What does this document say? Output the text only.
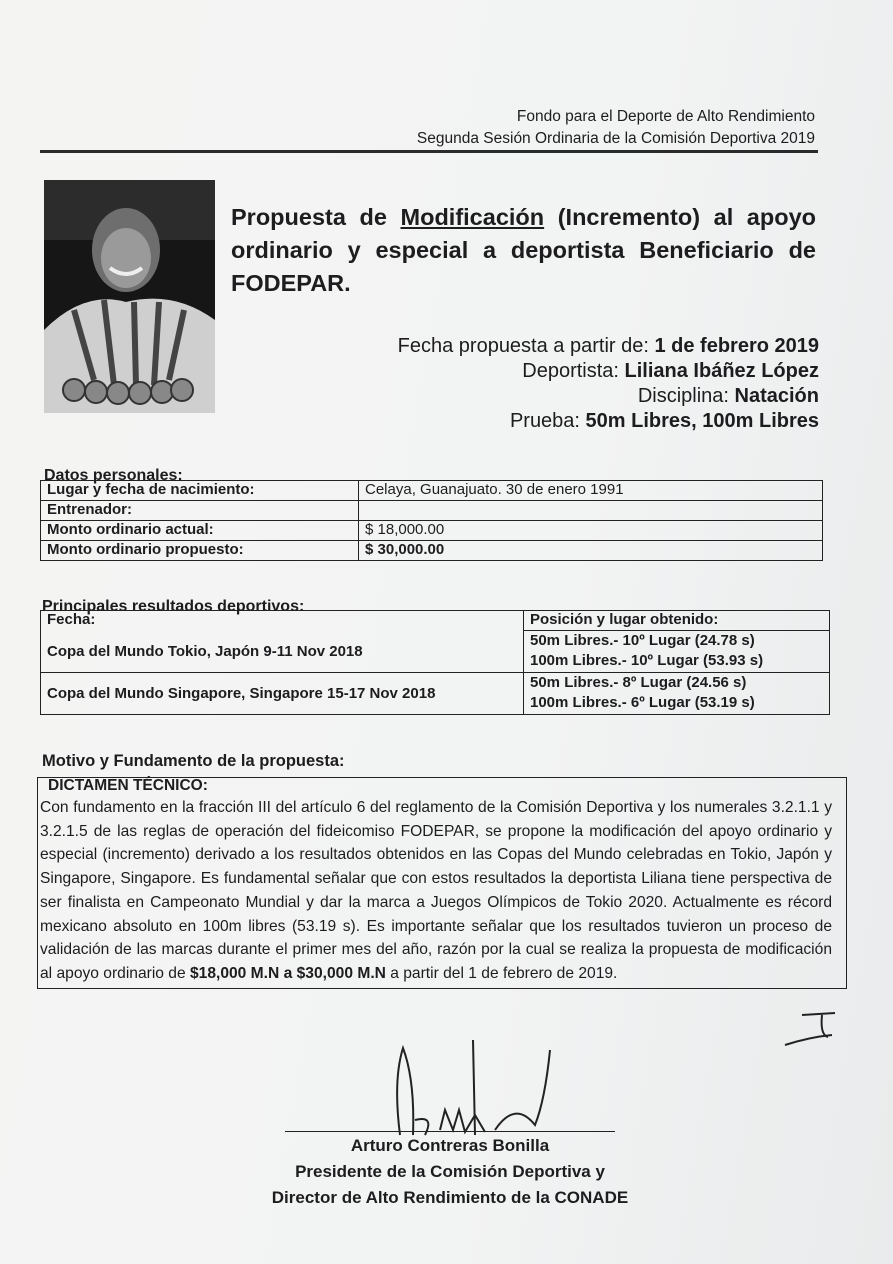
Fondo para el Deporte de Alto Rendimiento
Segunda Sesión Ordinaria de la Comisión Deportiva 2019
Propuesta de Modificación (Incremento) al apoyo ordinario y especial a deportista Beneficiario de FODEPAR.
Fecha propuesta a partir de: 1 de febrero 2019
Deportista: Liliana Ibáñez López
Disciplina: Natación
Prueba: 50m Libres, 100m Libres
Datos personales:
Lugar y fecha de nacimiento:	Celaya, Guanajuato. 30 de enero 1991
Entrenador:	
Monto ordinario actual:	$ 18,000.00
Monto ordinario propuesto:	$ 30,000.00
Principales resultados deportivos:
Fecha:	Posición y lugar obtenido:
Copa del Mundo Tokio, Japón 9-11 Nov 2018	50m Libres.- 10º Lugar (24.78 s)
100m Libres.- 10º Lugar (53.93 s)

Copa del Mundo Singapore, Singapore 15-17 Nov 2018	50m Libres.- 8º Lugar (24.56 s)
100m Libres.- 6º Lugar (53.19 s)
Motivo y Fundamento de la propuesta:
DICTAMEN TÉCNICO:
Con fundamento en la fracción III del artículo 6 del reglamento de la Comisión Deportiva y los numerales 3.2.1.1 y 3.2.1.5 de las reglas de operación del fideicomiso FODEPAR, se propone la modificación del apoyo ordinario y especial (incremento) derivado a los resultados obtenidos en las Copas del Mundo celebradas en Tokio, Japón y Singapore, Singapore. Es fundamental señalar que con estos resultados la deportista Liliana tiene perspectiva de ser finalista en Campeonato Mundial y dar la marca a Juegos Olímpicos de Tokio 2020. Actualmente es récord mexicano absoluto en 100m libres (53.19 s). Es importante señalar que los resultados tuvieron un proceso de validación de las marcas durante el primer mes del año, razón por la cual se realiza la propuesta de modificación al apoyo ordinario de $18,000 M.N a $30,000 M.N a partir del 1 de febrero de 2019.
Arturo Contreras Bonilla
Presidente de la Comisión Deportiva y
Director de Alto Rendimiento de la CONADE
